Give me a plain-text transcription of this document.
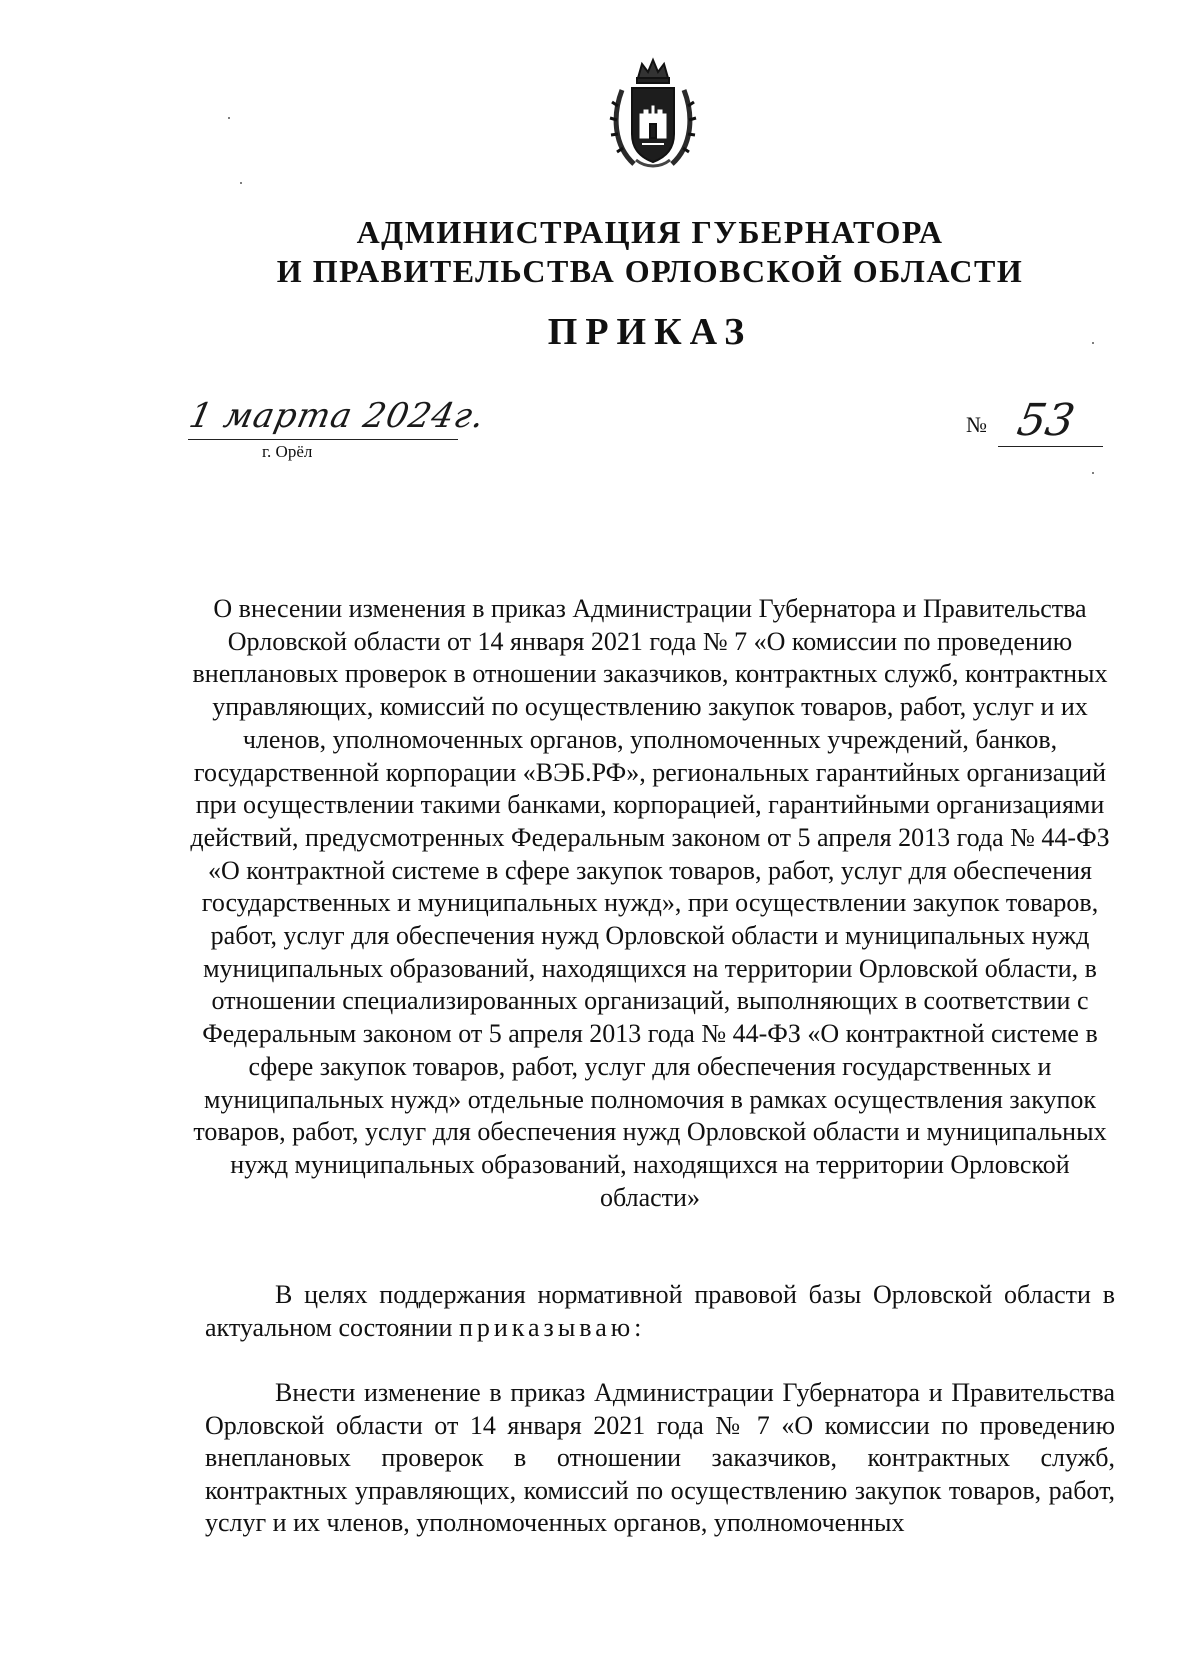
АДМИНИСТРАЦИЯ ГУБЕРНАТОРА
И ПРАВИТЕЛЬСТВА ОРЛОВСКОЙ ОБЛАСТИ
ПРИКАЗ
1 марта 2024г.
г. Орёл
№ 53
О внесении изменения в приказ Администрации Губернатора и Правительства Орловской области от 14 января 2021 года № 7 «О комиссии по проведению внеплановых проверок в отношении заказчиков, контрактных служб, контрактных управляющих, комиссий по осуществлению закупок товаров, работ, услуг и их членов, уполномоченных органов, уполномоченных учреждений, банков, государственной корпорации «ВЭБ.РФ», региональных гарантийных организаций при осуществлении такими банками, корпорацией, гарантийными организациями действий, предусмотренных Федеральным законом от 5 апреля 2013 года № 44-ФЗ «О контрактной системе в сфере закупок товаров, работ, услуг для обеспечения государственных и муниципальных нужд», при осуществлении закупок товаров, работ, услуг для обеспечения нужд Орловской области и муниципальных нужд муниципальных образований, находящихся на территории Орловской области, в отношении специализированных организаций, выполняющих в соответствии с Федеральным законом от 5 апреля 2013 года № 44-ФЗ «О контрактной системе в сфере закупок товаров, работ, услуг для обеспечения государственных и муниципальных нужд» отдельные полномочия в рамках осуществления закупок товаров, работ, услуг для обеспечения нужд Орловской области и муниципальных нужд муниципальных образований, находящихся на территории Орловской области»
В целях поддержания нормативной правовой базы Орловской области в актуальном состоянии приказываю:
Внести изменение в приказ Администрации Губернатора и Правительства Орловской области от 14 января 2021 года № 7 «О комиссии по проведению внеплановых проверок в отношении заказчиков, контрактных служб, контрактных управляющих, комиссий по осуществлению закупок товаров, работ, услуг и их членов, уполномоченных органов, уполномоченных
